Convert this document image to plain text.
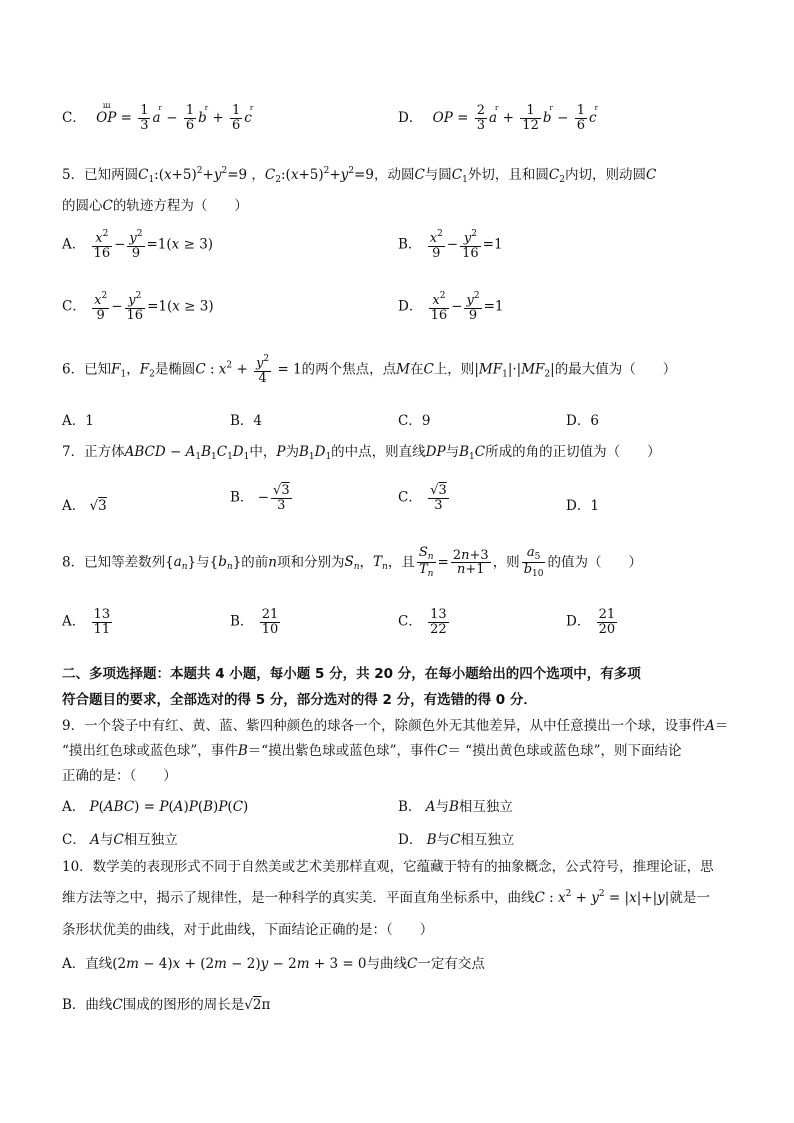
C．
ꟺ
OP = $\frac{1}{3} a^r - \frac{1}{6} b^r + \frac{1}{6} c^r$
D． OP = $\frac{2}{3} a^r + \frac{1}{12} b^r - \frac{1}{6} c^r$
5．已知两圆$C_1:(x+5)^2+y^2=9$ ，$C_2:(x+5)^2+y^2=9$，动圆C与圆$C_1$外切，且和圆$C_2$内切，则动圆C
的圆心C的轨迹方程为（　　）
A． $\frac{x^2}{16} - \frac{y^2}{9} =1(x \ge 3)$	B． $\frac{x^2}{9} - \frac{y^2}{16} =1$
C． $\frac{x^2}{9} - \frac{y^2}{16} =1(x \ge 3)$	D． $\frac{x^2}{16} - \frac{y^2}{9} =1$
6．已知$F_1$，$F_2$是椭圆C : $x^2 + \frac{y^2}{4} = 1$的两个焦点，点M在C上，则$|MF_1|\cdot|MF_2|$的最大值为（　　）
A．1	B．4	C．9	D．6
7．正方体ABCD − $A_1B_1C_1D_1$中，P为$B_1D_1$的中点，则直线DP与$B_1C$所成的角的正切值为（　　）
A． √3
B． − $\frac{√3}{3}$	C． $\frac{√3}{3}$	D．1
8．已知等差数列$\{a_n\}$与$\{b_n\}$的前n项和分别为$S_n$，$T_n$，且 $\frac{S_n}{T_n} = \frac{2n+3}{n+1}$ ，则 $\frac{a_5}{b_{10}}$ 的值为（　　）
A． $\frac{13}{11}$	B． $\frac{21}{10}$	C． $\frac{13}{22}$	D． $\frac{21}{20}$
二、多项选择题：本题共 4 小题，每小题 5 分，共 20 分，在每小题给出的四个选项中，有多项
符合题目的要求，全部选对的得 5 分，部分选对的得 2 分，有选错的得 0 分．
9．一个袋子中有红、黄、蓝、紫四种颜色的球各一个，除颜色外无其他差异，从中任意摸出一个球，设事件A＝
“摸出红色球或蓝色球”，事件B＝“摸出紫色球或蓝色球”，事件C＝ “摸出黄色球或蓝色球”，则下面结论
正确的是：（　　）
A． P(ABC) = P(A)P(B)P(C)	B． A与B相互独立
C． A与C相互独立	D． B与C相互独立
10．数学美的表现形式不同于自然美或艺术美那样直观，它蕴藏于特有的抽象概念，公式符号，推理论证，思
维方法等之中，揭示了规律性，是一种科学的真实美．平面直角坐标系中，曲线C : $x^2 + y^2 = |x|+|y|$就是一
条形状优美的曲线，对于此曲线，下面结论正确的是：（　　）
A．直线(2m − 4)x + (2m − 2)y − 2m + 3 = 0与曲线C一定有交点
B．曲线C围成的图形的周长是√2π
